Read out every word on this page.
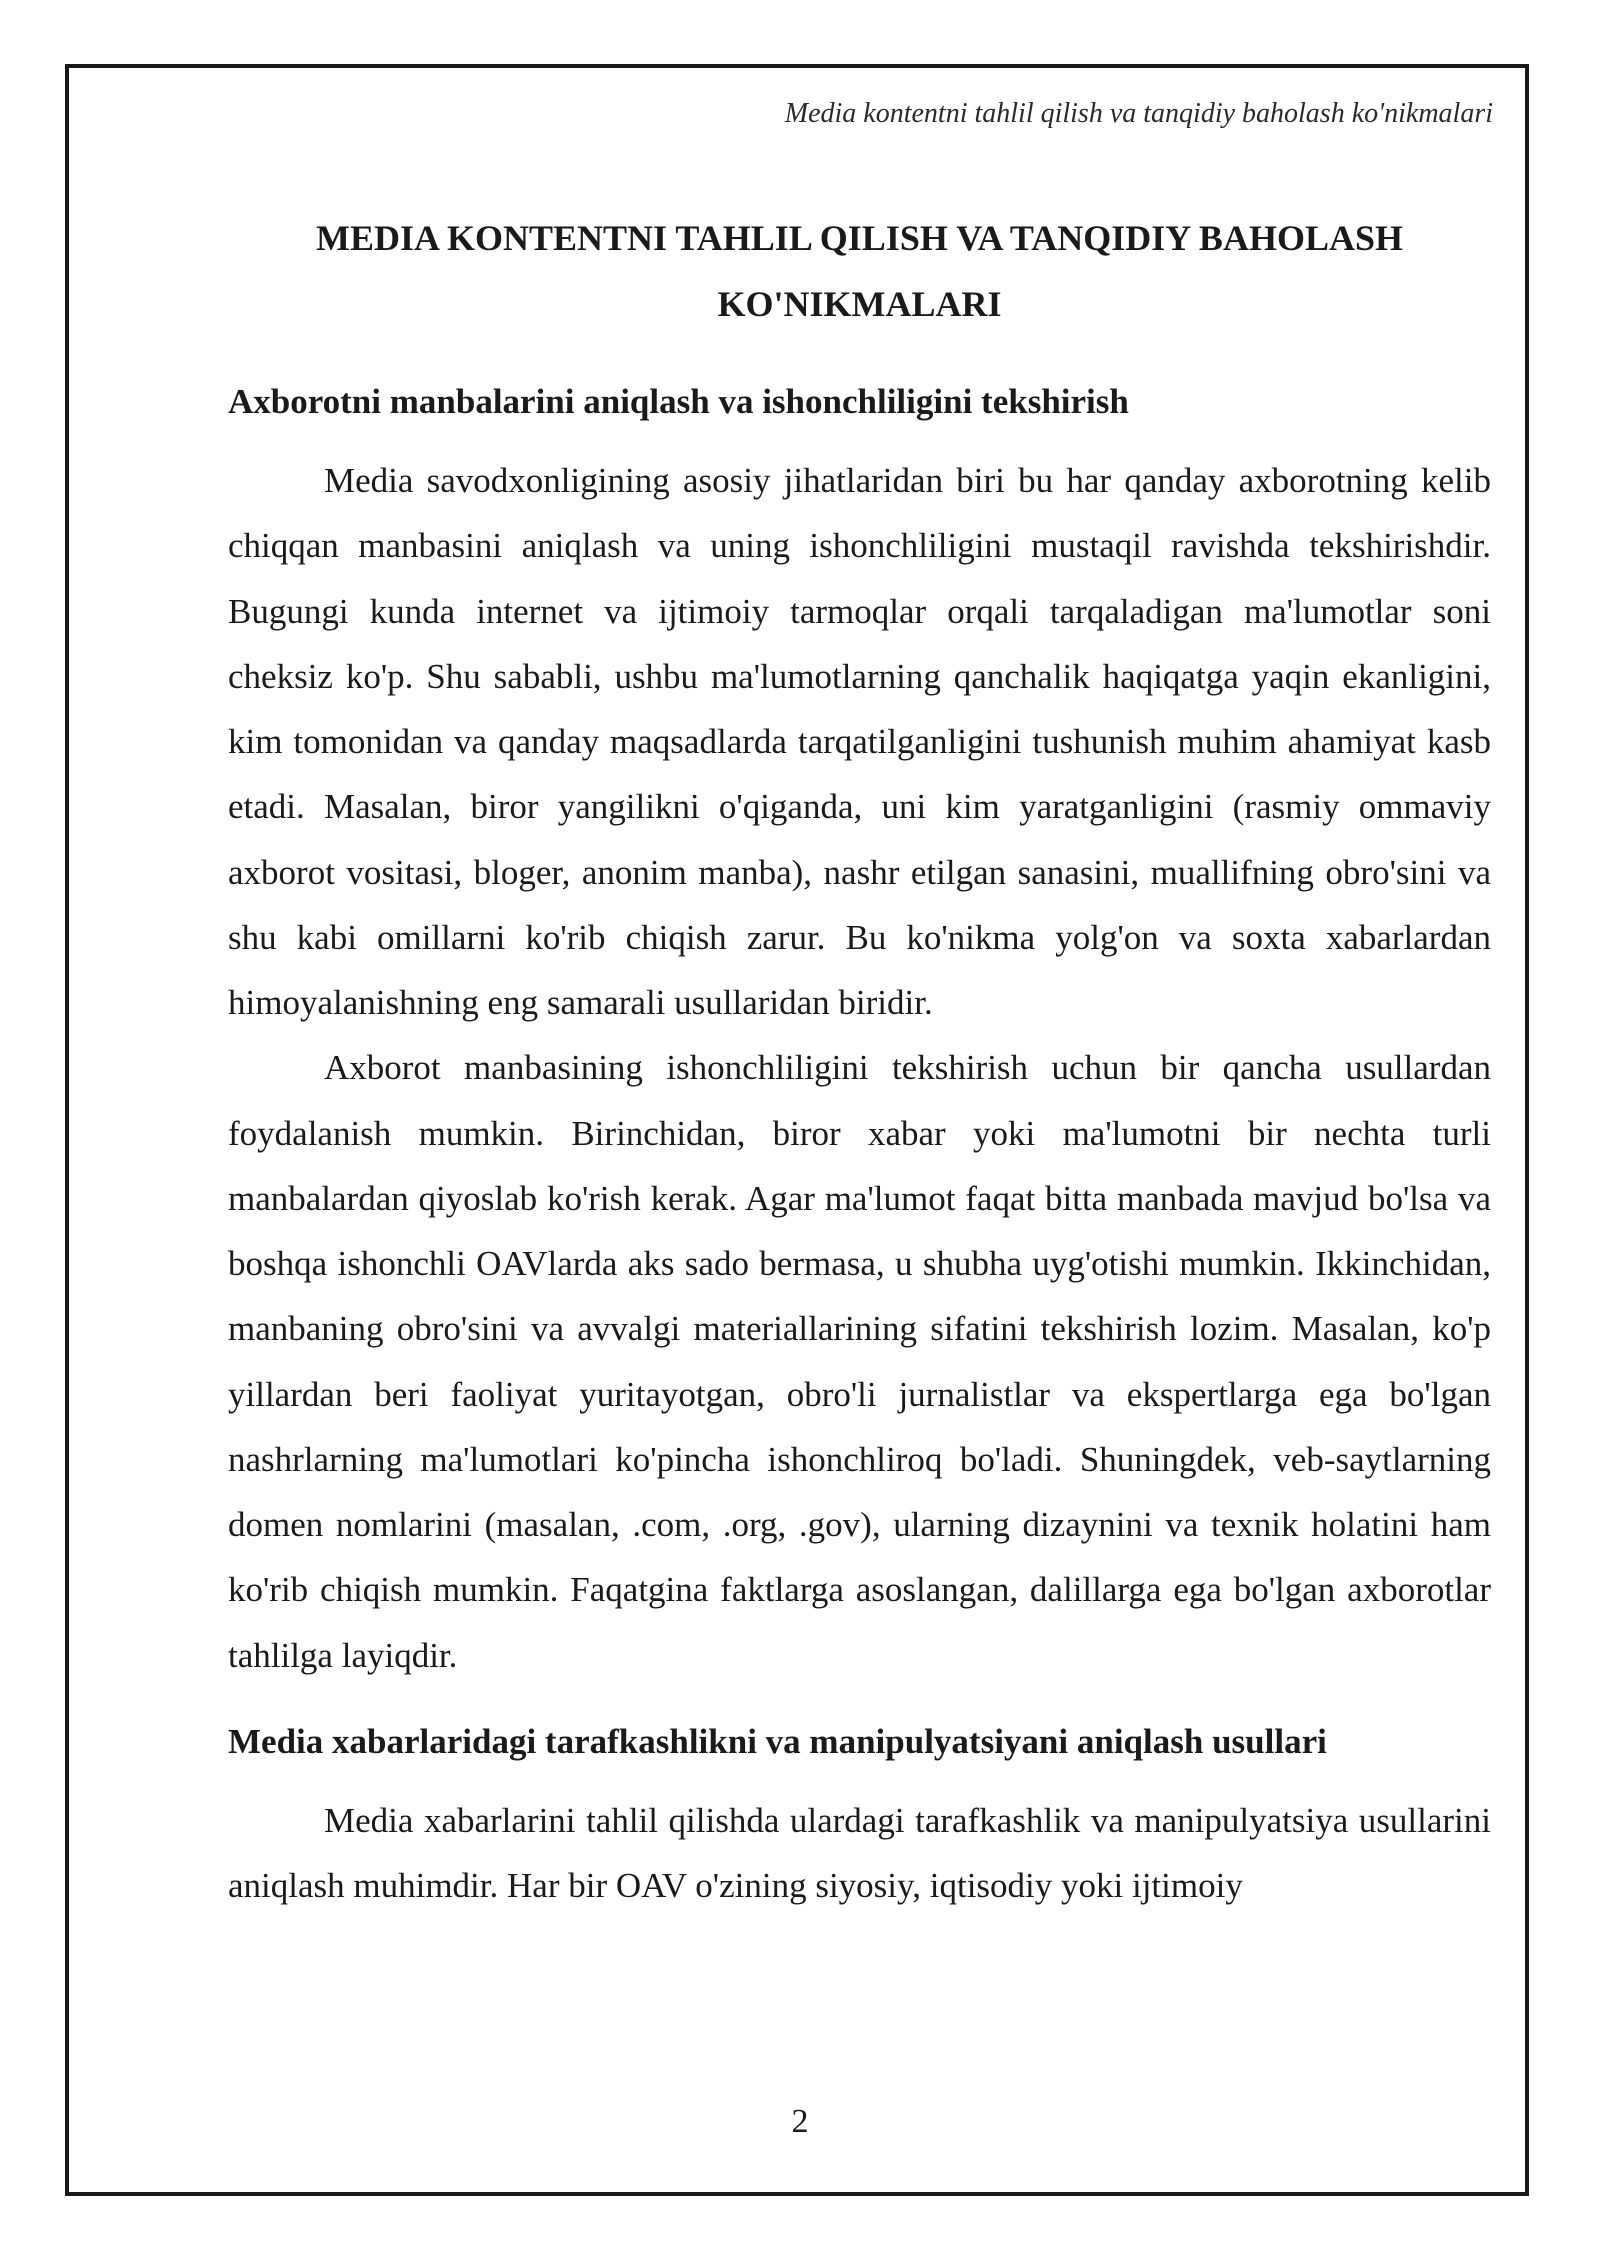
Media kontentni tahlil qilish va tanqidiy baholash ko'nikmalari
MEDIA KONTENTNI TAHLIL QILISH VA TANQIDIY BAHOLASH
KO'NIKMALARI
Axborotni manbalarini aniqlash va ishonchliligini tekshirish

Media savodxonligining asosiy jihatlaridan biri bu har qanday axborotning kelib chiqqan manbasini aniqlash va uning ishonchliligini mustaqil ravishda tekshirishdir. Bugungi kunda internet va ijtimoiy tarmoqlar orqali tarqaladigan ma'lumotlar soni cheksiz ko'p. Shu sababli, ushbu ma'lumotlarning qanchalik haqiqatga yaqin ekanligini, kim tomonidan va qanday maqsadlarda tarqatilganligini tushunish muhim ahamiyat kasb etadi. Masalan, biror yangilikni o'qiganda, uni kim yaratganligini (rasmiy ommaviy axborot vositasi, bloger, anonim manba), nashr etilgan sanasini, muallifning obro'sini va shu kabi omillarni ko'rib chiqish zarur. Bu ko'nikma yolg'on va soxta xabarlardan himoyalanishning eng samarali usullaridan biridir.

Axborot manbasining ishonchliligini tekshirish uchun bir qancha usullardan foydalanish mumkin. Birinchidan, biror xabar yoki ma'lumotni bir nechta turli manbalardan qiyoslab ko'rish kerak. Agar ma'lumot faqat bitta manbada mavjud bo'lsa va boshqa ishonchli OAVlarda aks sado bermasa, u shubha uyg'otishi mumkin. Ikkinchidan, manbaning obro'sini va avvalgi materiallarining sifatini tekshirish lozim. Masalan, ko'p yillardan beri faoliyat yuritayotgan, obro'li jurnalistlar va ekspertlarga ega bo'lgan nashrlarning ma'lumotlari ko'pincha ishonchliroq bo'ladi. Shuningdek, veb-saytlarning domen nomlarini (masalan, .com, .org, .gov), ularning dizaynini va texnik holatini ham ko'rib chiqish mumkin. Faqatgina faktlarga asoslangan, dalillarga ega bo'lgan axborotlar tahlilga layiqdir.

Media xabarlaridagi tarafkashlikni va manipulyatsiyani aniqlash usullari

Media xabarlarini tahlil qilishda ulardagi tarafkashlik va manipulyatsiya usullarini aniqlash muhimdir. Har bir OAV o'zining siyosiy, iqtisodiy yoki ijtimoiy

2
